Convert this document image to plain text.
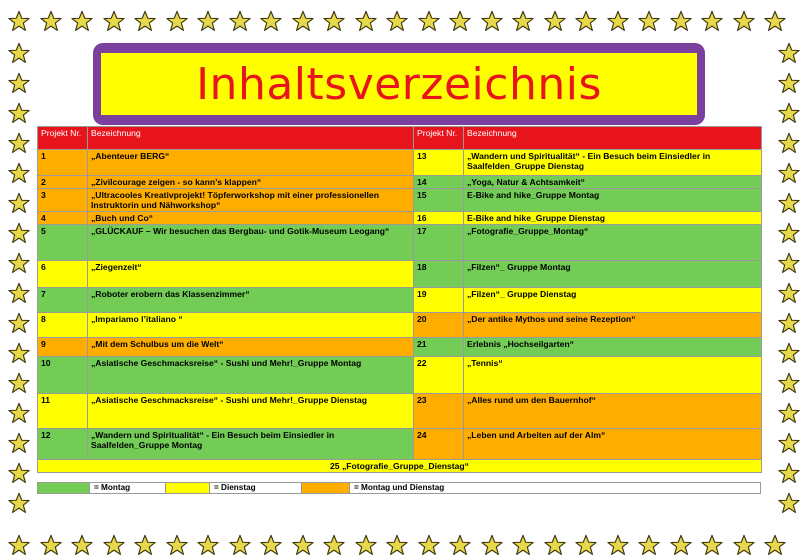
Inhaltsverzeichnis
Projekt Nr.	Bezeichnung	Projekt Nr.	Bezeichnung
1	„Abenteuer BERG“	13	„Wandern und Spiritualität“ - Ein Besuch beim Einsiedler in Saalfelden_Gruppe Dienstag
2	„Zivilcourage zeigen - so kann’s klappen“	14	„Yoga, Natur & Achtsamkeit“
3	„Ultracooles Kreativprojekt! Töpferworkshop mit einer professionellen Instruktorin und Nähworkshop“	15	E-Bike and hike_Gruppe Montag
4	„Buch und Co“	16	E-Bike and hike_Gruppe Dienstag
5	„GLÜCKAUF – Wir besuchen das Bergbau- und Gotik-Museum Leogang“	17	„Fotografie_Gruppe_Montag“
6	„Ziegenzeit“	18	„Filzen“_ Gruppe Montag
7	„Roboter erobern das Klassenzimmer“	19	„Filzen“_ Gruppe Dienstag
8	„Impariamo l’italiano “	20	„Der antike Mythos und seine Rezeption“
9	„Mit dem Schulbus um die Welt“	21	Erlebnis „Hochseilgarten“
10	„Asiatische Geschmacksreise“ - Sushi und Mehr!_Gruppe Montag	22	„Tennis“
11	„Asiatische Geschmacksreise“ - Sushi und Mehr!_Gruppe Dienstag	23	„Alles rund um den Bauernhof“
12	„Wandern und Spiritualität“ - Ein Besuch beim Einsiedler in Saalfelden_Gruppe Montag	24	„Leben und Arbeiten auf der Alm“
25 „Fotografie_Gruppe_Dienstag“			
= Montag	= Dienstag	= Montag und Dienstag
